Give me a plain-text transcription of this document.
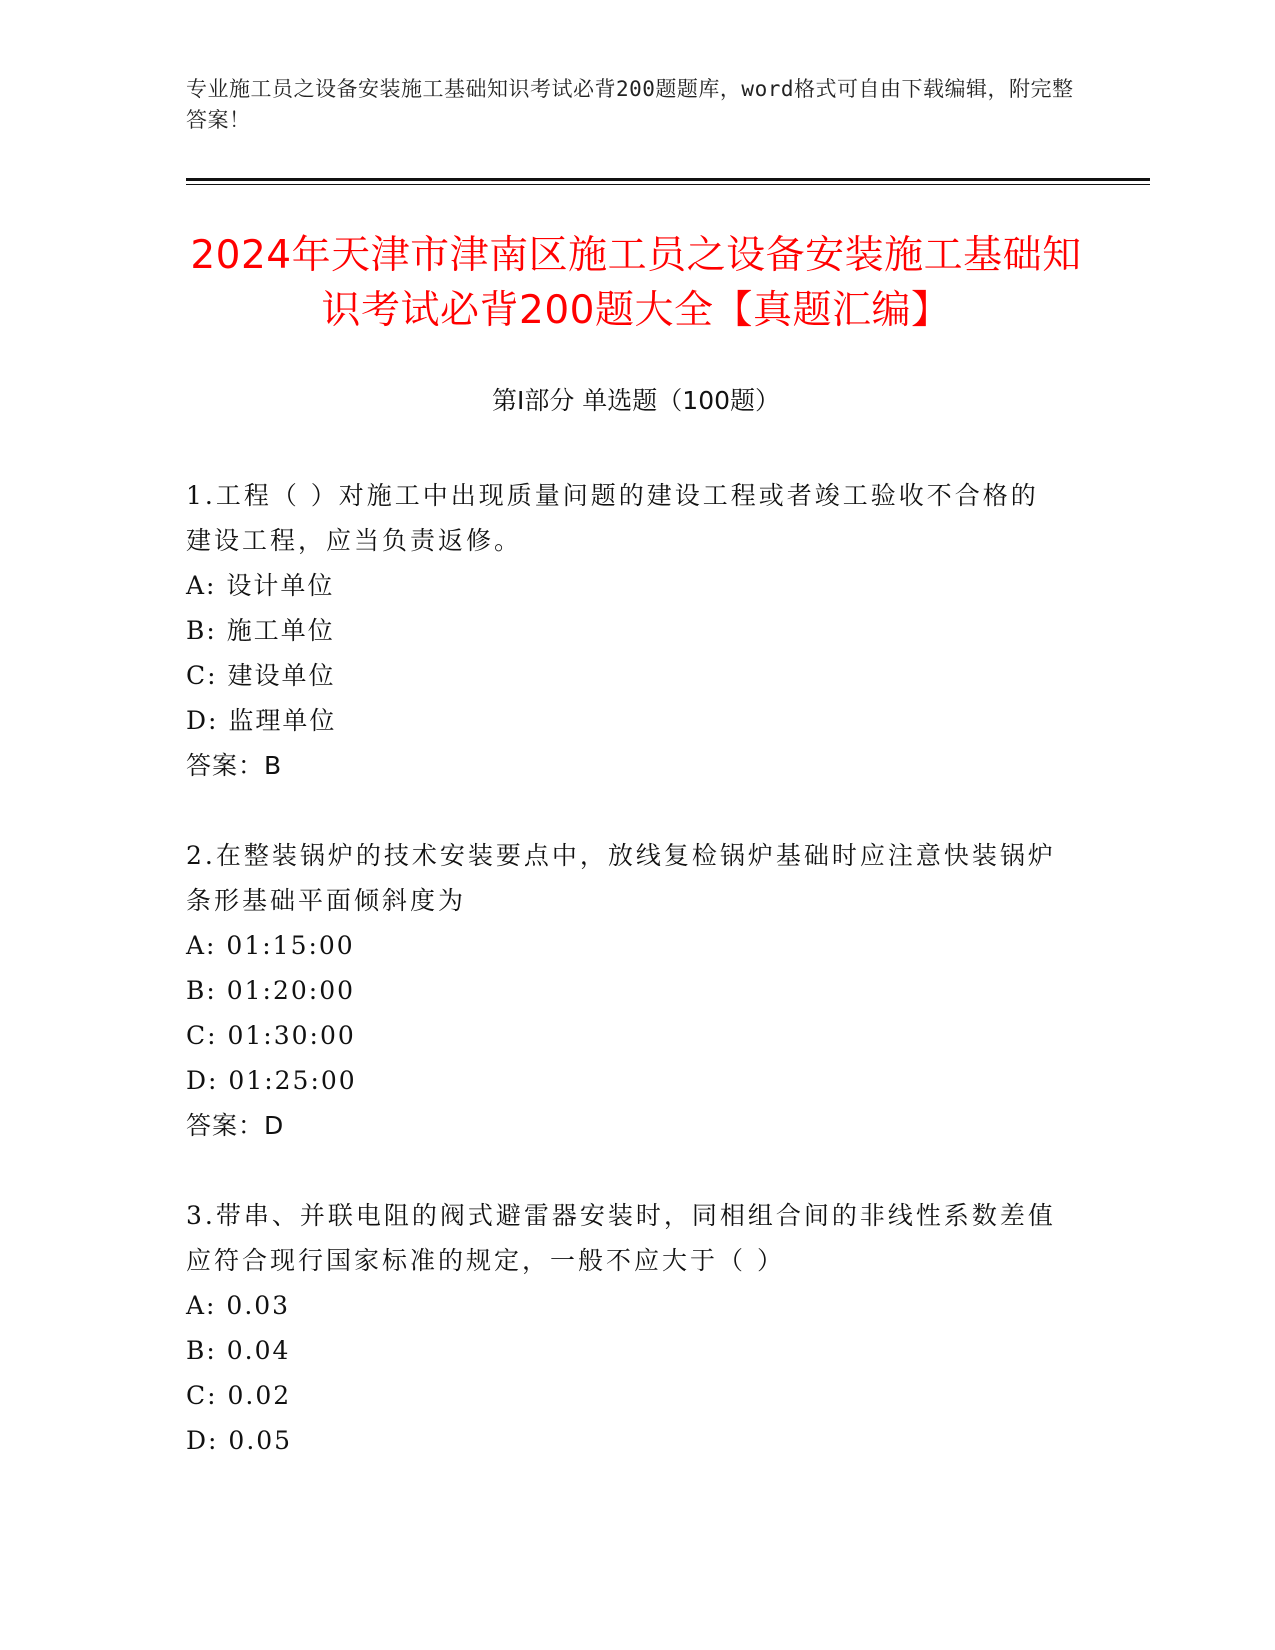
专业施工员之设备安装施工基础知识考试必背200题题库，word格式可自由下载编辑，附完整答案！
2024年天津市津南区施工员之设备安装施工基础知识考试必背200题大全【真题汇编】
第Ⅰ部分 单选题（100题）

1.工程（ ）对施工中出现质量问题的建设工程或者竣工验收不合格的建设工程，应当负责返修。

A: 设计单位

B: 施工单位

C: 建设单位

D: 监理单位

答案：B

2.在整装锅炉的技术安装要点中，放线复检锅炉基础时应注意快装锅炉条形基础平面倾斜度为

A: 01:15:00

B: 01:20:00

C: 01:30:00

D: 01:25:00

答案：D

3.带串、并联电阻的阀式避雷器安装时，同相组合间的非线性系数差值应符合现行国家标准的规定，一般不应大于（ ）

A: 0.03

B: 0.04

C: 0.02

D: 0.05
